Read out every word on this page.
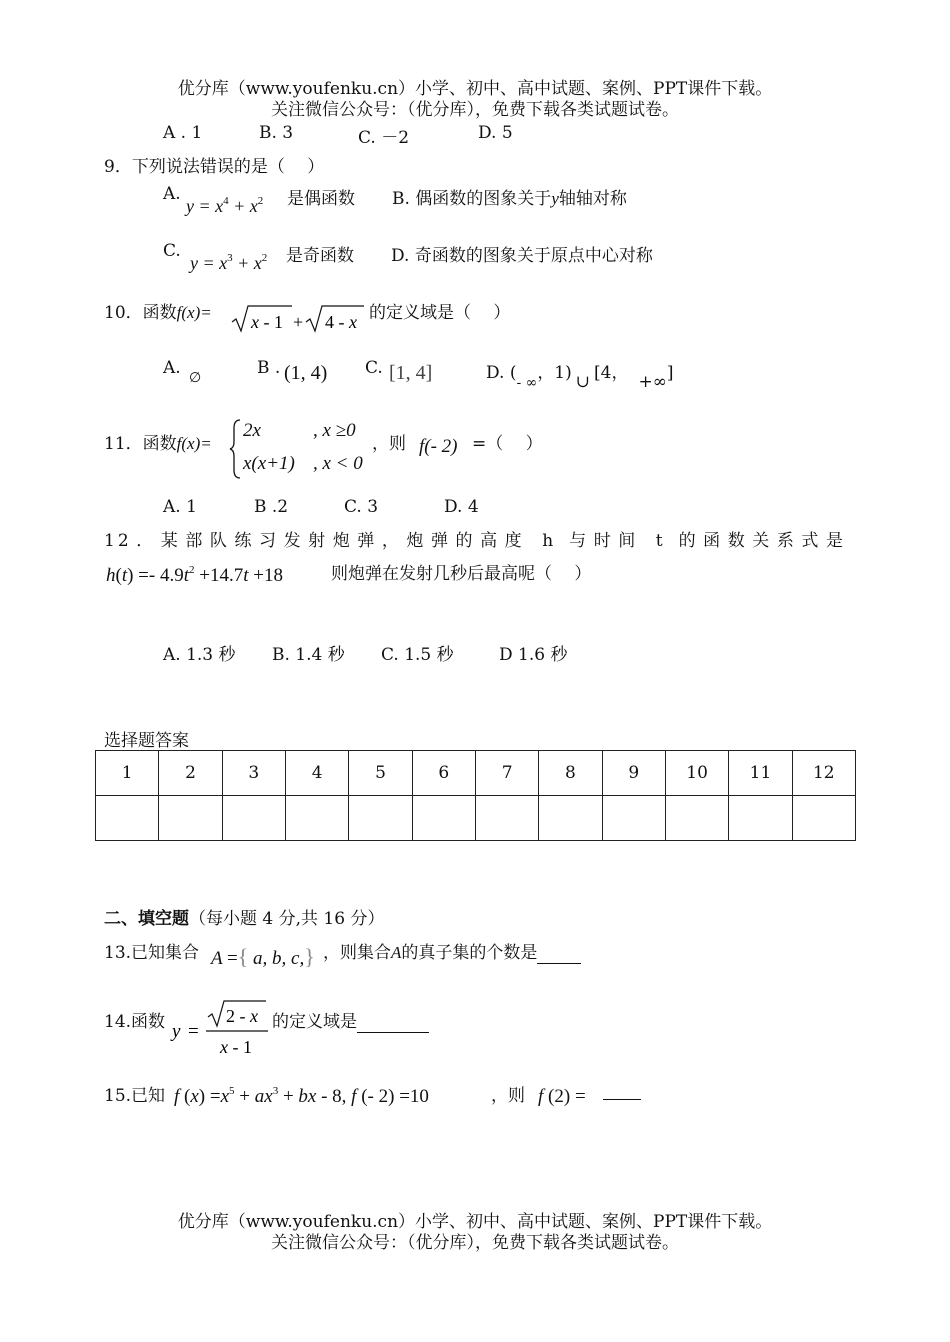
优分库（www.youfenku.cn）小学、初中、高中试题、案例、PPT课件下载。
关注微信公众号：（优分库），免费下载各类试题试卷。
A . 1	B. 3	C. －2	D. 5
9．下列说法错误的是（　 ）
A.
$y = x^4 + x^2$ 是偶函数 B. 偶函数的图象关于y轴轴对称
C.
$y = x^3 + x^2$ 是奇函数 D. 奇函数的图象关于原点中心对称
10．函数f(x)= x - 1 + 4 - x 的定义域是（　 ）
A. ∅	B . (1, 4) C. [1, 4]	D. ($_{- \infty}$，1) ∪ [4， +∞]
11．函数f(x)=
2x	, x ≥0
x(x+1) , x < 0
，则 f(- 2) =（　 ）
A. 1	B .2	C. 3	D. 4
12．某部队练习发射炮弹，炮弹的高度 h 与时间 t 的函数关系式是
$h(t) =- 4.9t^2 +14.7t +18$	则炮弹在发射几秒后最高呢（　 ）
A. 1.3 秒 B. 1.4 秒 C. 1.5 秒	D 1.6 秒
选择题答案
1	2	3	4	5	6	7	8	9	10	11	12

二、填空题（每小题 4 分,共 16 分）
13.已知集合 A ={ a, b, c,} ，则集合A的真子集的个数是
14.函数 y =
2 - x
x - 1
的定义域是
15.已知 f $(x) =x^5 + ax^3$ + bx - 8, f (- 2) =10	，则 f (2) =
优分库（www.youfenku.cn）小学、初中、高中试题、案例、PPT课件下载。
关注微信公众号：（优分库），免费下载各类试题试卷。
